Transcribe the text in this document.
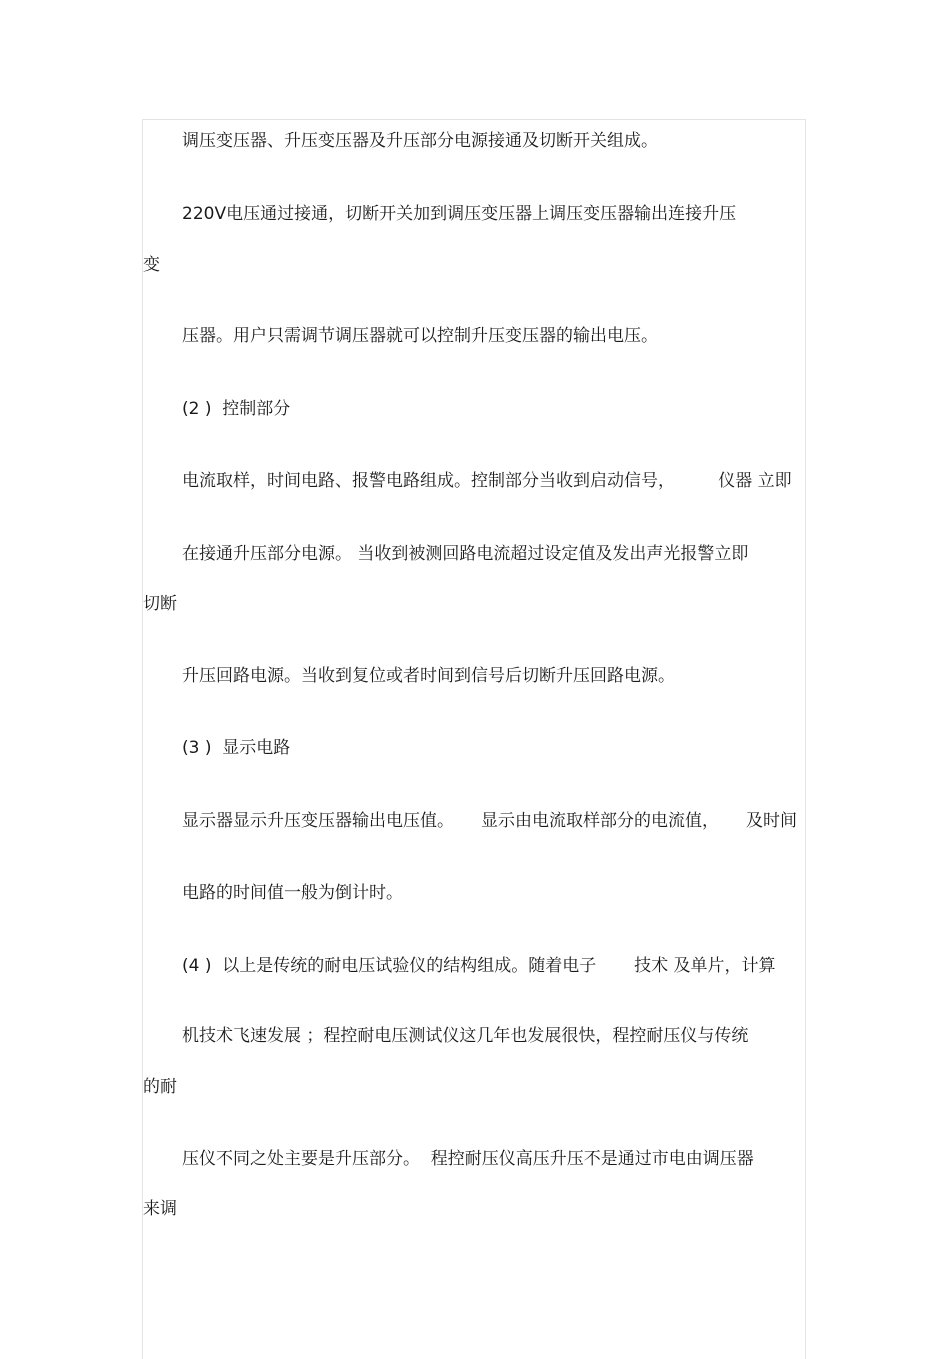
调压变压器、升压变压器及升压部分电源接通及切断开关组成。
220V电压通过接通，切断开关加到调压变压器上调压变压器输出连接升压
变
压器。用户只需调节调压器就可以控制升压变压器的输出电压。
(2 )  控制部分
电流取样，时间电路、报警电路组成。控制部分当收到启动信号，        仪器 立即
在接通升压部分电源。 当收到被测回路电流超过设定值及发出声光报警立即
切断
升压回路电源。当收到复位或者时间到信号后切断升压回路电源。
(3 )  显示电路
显示器显示升压变压器输出电压值。     显示由电流取样部分的电流值，     及时间
电路的时间值一般为倒计时。
(4 )  以上是传统的耐电压试验仪的结构组成。随着电子       技术 及单片，计算
机技术飞速发展 ；程控耐电压测试仪这几年也发展很快，程控耐压仪与传统
的耐
压仪不同之处主要是升压部分。  程控耐压仪高压升压不是通过市电由调压器
来调
